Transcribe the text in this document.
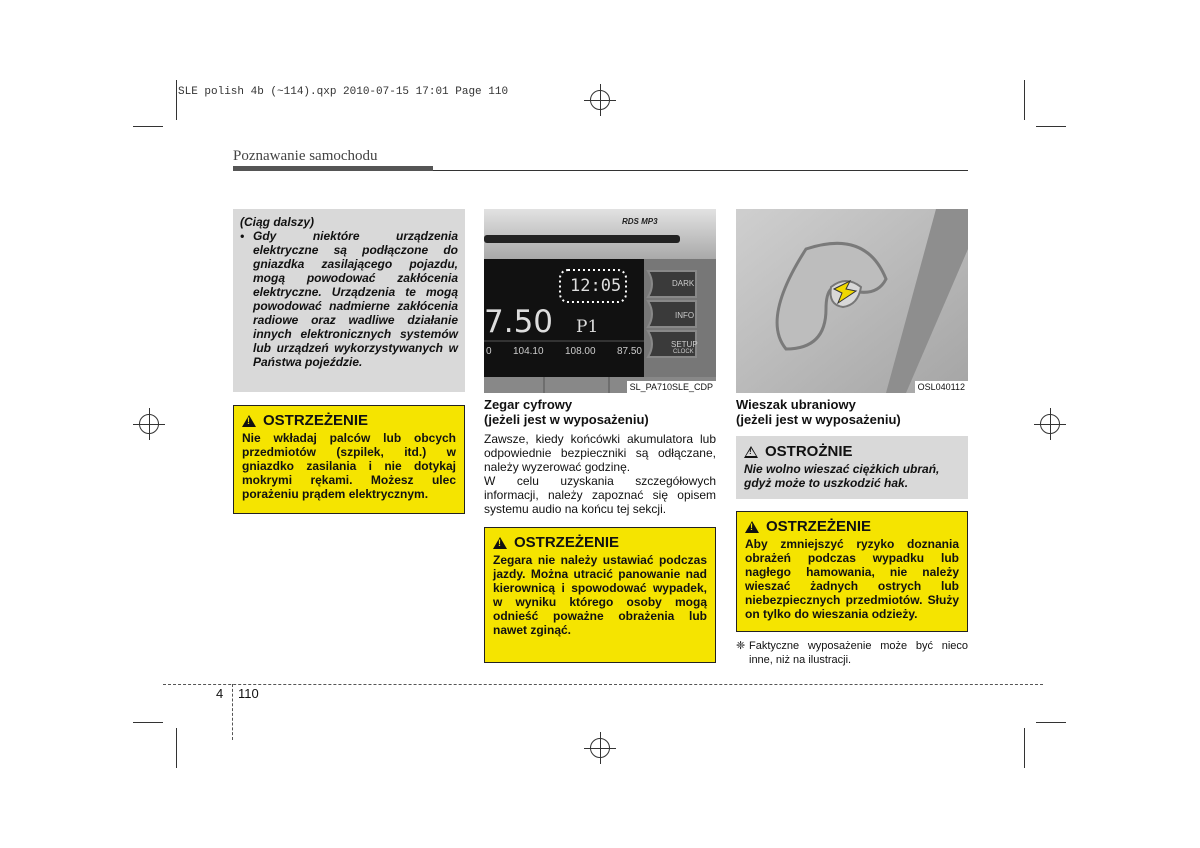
SLE polish 4b (~114).qxp 2010-07-15 17:01 Page 110
Poznawanie samochodu
(Ciąg dalszy)
• Gdy niektóre urządzenia elektryczne są podłączone do gniazdka zasilającego pojazdu, mogą powodować zakłócenia elektryczne. Urządzenia te mogą powodować nadmierne zakłócenia radiowe oraz wadliwe działanie innych elektronicznych systemów lub urządzeń wykorzystywanych w Państwa pojeździe.
!
OSTRZEŻENIE
Nie wkładaj palców lub obcych przedmiotów (szpilek, itd.) w gniazdko zasilania i nie dotykaj mokrymi rękami. Możesz ulec porażeniu prądem elektrycznym.
RDS MP3
12:05
7.50 P1
0 104.10 108.00 87.50
DARK
INFO
SETUP
CLOCK
SL_PA710SLE_CDP
Zegar cyfrowy
(jeżeli jest w wyposażeniu)
Zawsze, kiedy końcówki akumulatora lub odpowiednie bezpieczniki są odłączane, należy wyzerować godzinę.
W celu uzyskania szczegółowych informacji, należy zapoznać się opisem systemu audio na końcu tej sekcji.
!
OSTRZEŻENIE
Zegara nie należy ustawiać podczas jazdy. Można utracić panowanie nad kierownicą i spowodować wypadek, w wyniku którego osoby mogą odnieść poważne obrażenia lub nawet zginąć.
OSL040112
Wieszak ubraniowy
(jeżeli jest w wyposażeniu)
!
OSTROŻNIE
Nie wolno wieszać ciężkich ubrań, gdyż może to uszkodzić hak.
!
OSTRZEŻENIE
Aby zmniejszyć ryzyko doznania obrażeń podczas wypadku lub nagłego hamowania, nie należy wieszać żadnych ostrych lub niebezpiecznych przedmiotów. Służy on tylko do wieszania odzieży.
❈ Faktyczne wyposażenie może być nieco inne, niż na ilustracji.
4 110
